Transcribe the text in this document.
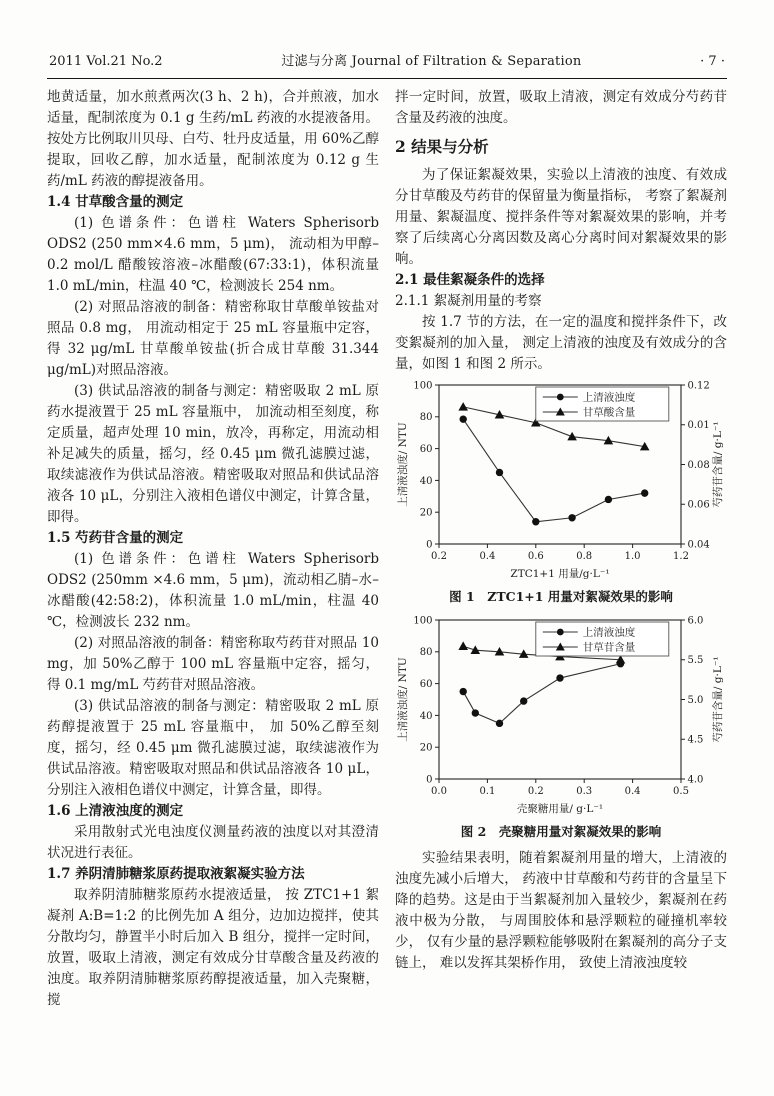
2011 Vol.21 No.2	过滤与分离 Journal of Filtration & Separation	· 7 ·
地黄适量，加水煎煮两次(3 h、2 h)，合并煎液，加水适量，配制浓度为 0.1 g 生药/mL 药液的水提液备用。按处方比例取川贝母、白芍、牡丹皮适量，用 60%乙醇提取，回收乙醇，加水适量，配制浓度为 0.12 g 生药/mL 药液的醇提液备用。
1.4 甘草酸含量的测定
(1) 色谱条件：色谱柱 Waters Spherisorb ODS2 (250 mm×4.6 mm，5 μm)， 流动相为甲醇–0.2 mol/L 醋酸铵溶液–冰醋酸(67:33:1)，体积流量 1.0 mL/min，柱温 40 ℃，检测波长 254 nm。
(2) 对照品溶液的制备：精密称取甘草酸单铵盐对照品 0.8 mg， 用流动相定于 25 mL 容量瓶中定容，得 32 μg/mL 甘草酸单铵盐(折合成甘草酸 31.344 μg/mL)对照品溶液。
(3) 供试品溶液的制备与测定：精密吸取 2 mL 原药水提液置于 25 mL 容量瓶中， 加流动相至刻度，称定质量，超声处理 10 min，放冷，再称定，用流动相补足减失的质量，摇匀，经 0.45 μm 微孔滤膜过滤，取续滤液作为供试品溶液。精密吸取对照品和供试品溶液各 10 μL，分别注入液相色谱仪中测定，计算含量，即得。
1.5 芍药苷含量的测定
(1) 色谱条件：色谱柱 Waters Spherisorb ODS2 (250mm ×4.6 mm，5 μm)，流动相乙腈–水–冰醋酸(42:58:2)，体积流量 1.0 mL/min，柱温 40 ℃，检测波长 232 nm。
(2) 对照品溶液的制备：精密称取芍药苷对照品 10 mg，加 50%乙醇于 100 mL 容量瓶中定容，摇匀，得 0.1 mg/mL 芍药苷对照品溶液。
(3) 供试品溶液的制备与测定：精密吸取 2 mL 原药醇提液置于 25 mL 容量瓶中， 加 50%乙醇至刻度，摇匀，经 0.45 μm 微孔滤膜过滤，取续滤液作为供试品溶液。精密吸取对照品和供试品溶液各 10 μL，分别注入液相色谱仪中测定，计算含量，即得。
1.6 上清液浊度的测定
采用散射式光电浊度仪测量药液的浊度以对其澄清状况进行表征。
1.7 养阴清肺糖浆原药提取液絮凝实验方法
取养阴清肺糖浆原药水提液适量， 按 ZTC1+1 絮凝剂 A:B=1:2 的比例先加 A 组分，边加边搅拌，使其分散均匀，静置半小时后加入 B 组分，搅拌一定时间，放置，吸取上清液，测定有效成分甘草酸含量及药液的浊度。取养阴清肺糖浆原药醇提液适量，加入壳聚糖，搅
拌一定时间，放置，吸取上清液，测定有效成分芍药苷含量及药液的浊度。
2 结果与分析
为了保证絮凝效果，实验以上清液的浊度、有效成分甘草酸及芍药苷的保留量为衡量指标， 考察了絮凝剂用量、絮凝温度、搅拌条件等对絮凝效果的影响，并考察了后续离心分离因数及离心分离时间对絮凝效果的影响。
2.1 最佳絮凝条件的选择
2.1.1 絮凝剂用量的考察
按 1.7 节的方法，在一定的温度和搅拌条件下，改变絮凝剂的加入量， 测定上清液的浊度及有效成分的含量，如图 1 和图 2 所示。
0
20
40
60
80
100
0.04
0.06
0.08
0.01
0.12
0.2	0.4	0.6	0.8	1.0	1.2
ZTC1+1 用量/g·L⁻¹
上清液浊度/ NTU	芍药苷含量/ g·L⁻¹
上清液浊度
甘草酸含量
图 1　ZTC1+1 用量对絮凝效果的影响
0
20
40
60
80
100
4.0
4.5
5.0
5.5
6.0
0.0	0.1	0.2	0.3	0.4	0.5
壳聚糖用量/ g·L⁻¹
上清液浊度/ NTU	芍药苷含量/ g·L⁻¹
上清液浊度
甘草苷含量
图 2　壳聚糖用量对絮凝效果的影响
实验结果表明，随着絮凝剂用量的增大，上清液的浊度先减小后增大， 药液中甘草酸和芍药苷的含量呈下降的趋势。这是由于当絮凝剂加入量较少，絮凝剂在药液中极为分散， 与周围胶体和悬浮颗粒的碰撞机率较少， 仅有少量的悬浮颗粒能够吸附在絮凝剂的高分子支链上， 难以发挥其架桥作用， 致使上清液浊度较
